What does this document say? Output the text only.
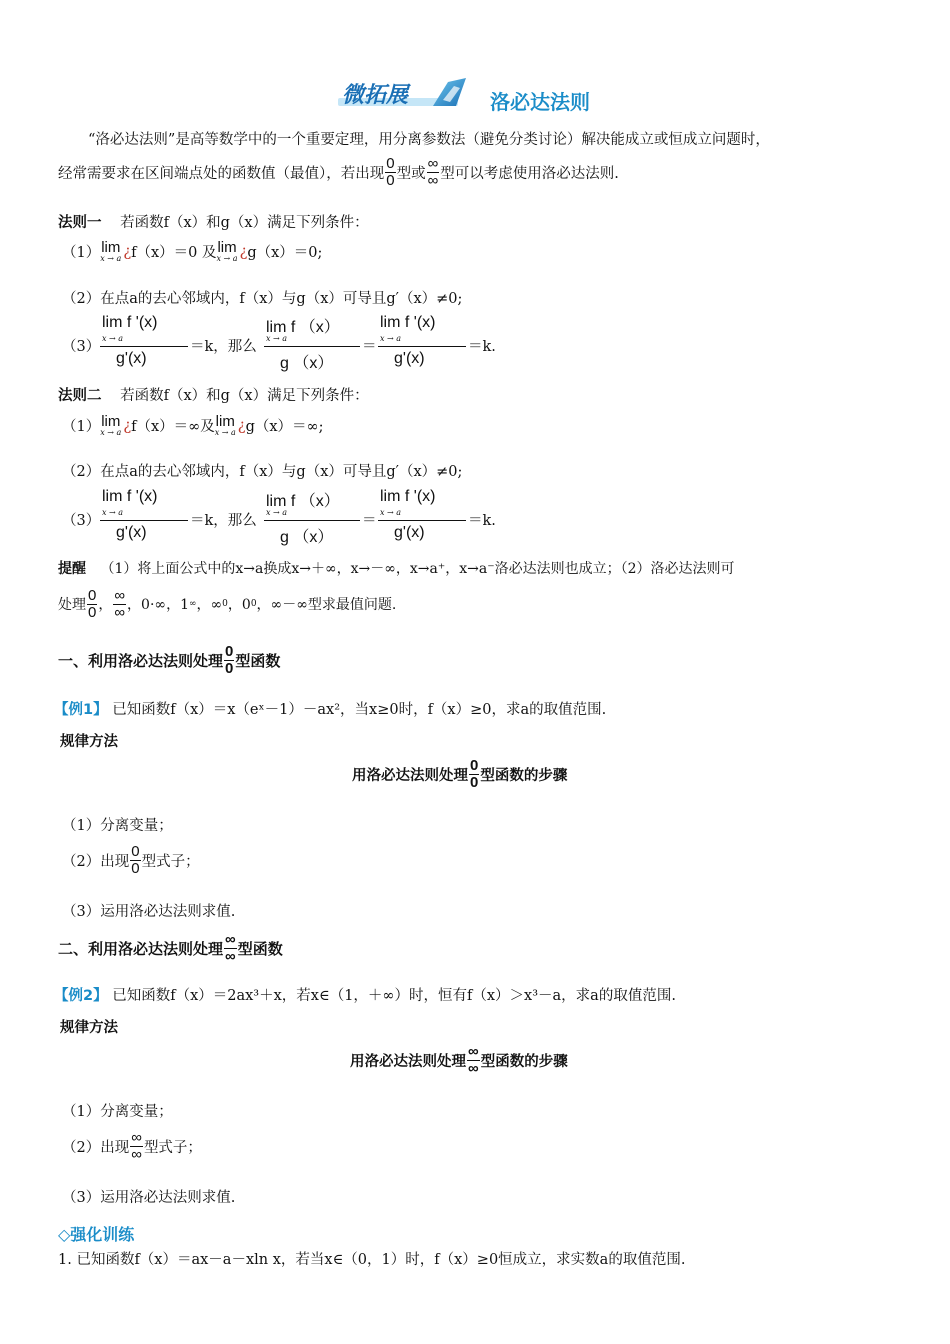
微拓展	洛必达法则
“洛必达法则”是高等数学中的一个重要定理，用分离参数法（避免分类讨论）解决能成立或恒成立问题时，
经常需要求在区间端点处的函数值（最值），若出现 $\frac{0}{0}$ 型或 $\frac{\infty}{\infty}$ 型可以考虑使用洛必达法则.
法则一 若函数f（x）和g（x）满足下列条件：
（1） lim
x → a ¿ f（x）＝0 及 lim
x → a ¿ g（x）＝0;
（2）在点a的去心邻域内，f（x）与g（x）可导且g′（x）≠0;
（3）
lim f '(x)
x → a
g'(x)
＝k，那么
lim f （x）
x → a
g （x）
＝
lim f '(x)
x → a
g'(x)
＝k.
法则二 若函数f（x）和g（x）满足下列条件：
（1） lim
x → a ¿ f（x）＝∞及 lim
x → a ¿ g（x）＝∞;
（2）在点a的去心邻域内，f（x）与g（x）可导且g′（x）≠0;
（3）
lim f '(x)
x → a
g'(x)
＝k，那么
lim f （x）
x → a
g （x）
＝
lim f '(x)
x → a
g'(x)
＝k.
提醒 （1）将上面公式中的x→a换成x→＋∞，x→－∞，x→a⁺，x→a⁻洛必达法则也成立；（2）洛必达法则可
处理 $\frac{0}{0}$ ， $\frac{\infty}{\infty}$ ，0·∞，1 ∞ ，∞ 0 ，0 0 ，∞－∞型求最值问题.
一、利用洛必达法则处理 $\frac{0}{0}$ 型函数
【例1】 已知函数f（x）＝x（eˣ－1）－ax²，当x≥0时，f（x）≥0，求a的取值范围.
规律方法
用洛必达法则处理 $\frac{0}{0}$ 型函数的步骤
（1）分离变量；
（2）出现 $\frac{0}{0}$ 型式子；
（3）运用洛必达法则求值.
二、利用洛必达法则处理 $\frac{\infty}{\infty}$ 型函数
【例2】 已知函数f（x）＝2ax³＋x，若x∈（1，＋∞）时，恒有f（x）＞x³－a，求a的取值范围.
规律方法
用洛必达法则处理 $\frac{\infty}{\infty}$ 型函数的步骤
（1）分离变量；
（2）出现 $\frac{\infty}{\infty}$ 型式子；
（3）运用洛必达法则求值.
◇强化训练
1. 已知函数f（x）＝ax－a－xln x，若当x∈（0，1）时，f（x）≥0恒成立，求实数a的取值范围.
